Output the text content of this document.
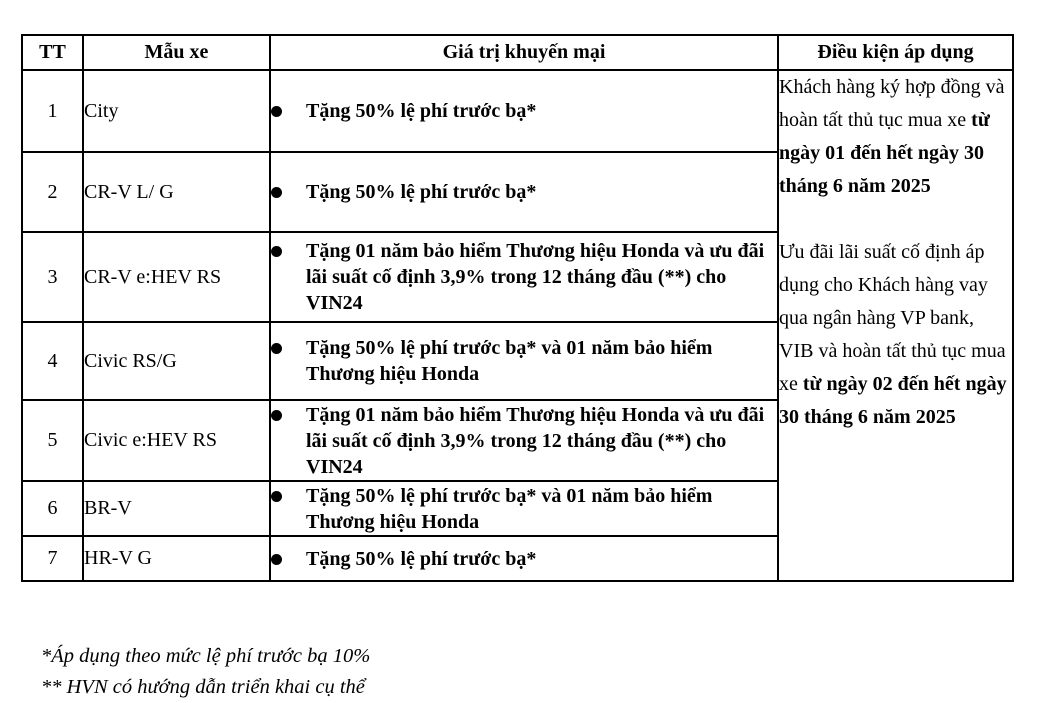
TT	Mẫu xe	Giá trị khuyến mại	Điều kiện áp dụng
1	City	Tặng 50% lệ phí trước bạ*	Khách hàng ký hợp đồng và hoàn tất thủ tục mua xe từ ngày 01 đến hết ngày 30 tháng 6 năm 2025

Ưu đãi lãi suất cố định áp dụng cho Khách hàng vay qua ngân hàng VP bank, VIB và hoàn tất thủ tục mua xe từ ngày 02 đến hết ngày 30 tháng 6 năm 2025

2	CR-V L/ G	Tặng 50% lệ phí trước bạ*	

3	CR-V e:HEV RS	Tặng 01 năm bảo hiểm Thương hiệu Honda và ưu đãi lãi suất cố định 3,9% trong 12 tháng đầu (**) cho VIN24	

4	Civic RS/G	Tặng 50% lệ phí trước bạ* và 01 năm bảo hiểm Thương hiệu Honda	

5	Civic e:HEV RS	Tặng 01 năm bảo hiểm Thương hiệu Honda và ưu đãi lãi suất cố định 3,9% trong 12 tháng đầu (**) cho VIN24	

6	BR-V	Tặng 50% lệ phí trước bạ* và 01 năm bảo hiểm Thương hiệu Honda	

7	HR-V G	Tặng 50% lệ phí trước bạ*	
*Áp dụng theo mức lệ phí trước bạ 10%
** HVN có hướng dẫn triển khai cụ thể
